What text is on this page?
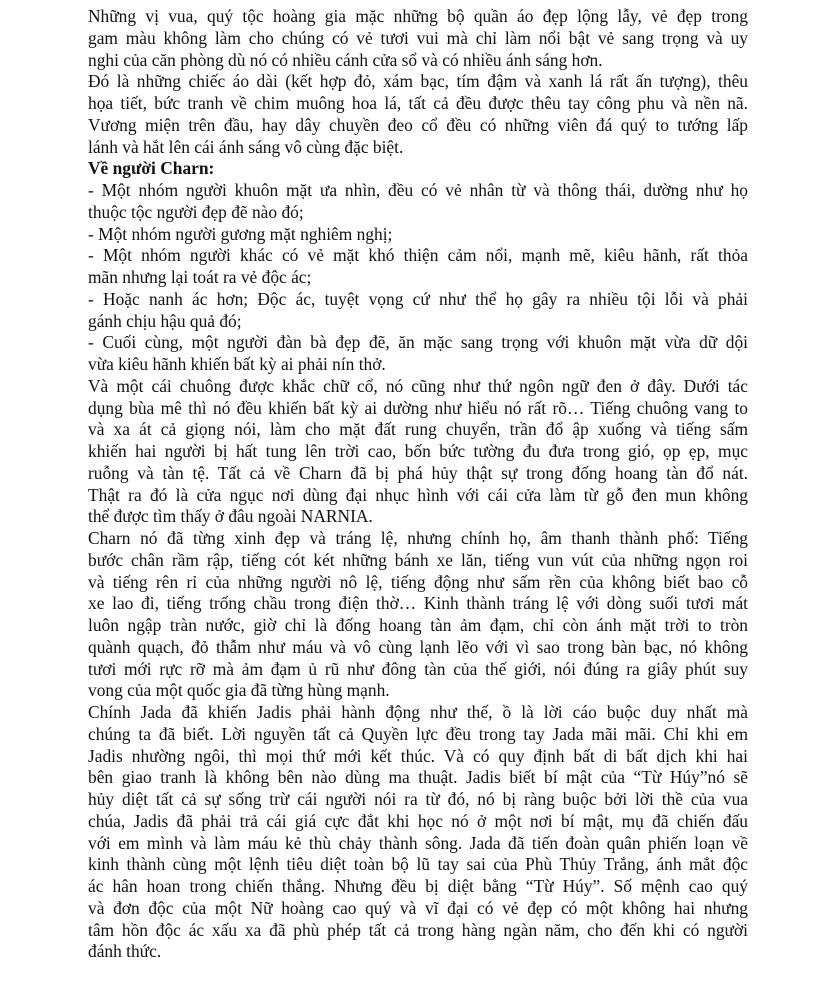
Những vị vua, quý tộc hoàng gia mặc những bộ quần áo đẹp lộng lẫy, vẻ đẹp trong
gam màu không làm cho chúng có vẻ tươi vui mà chỉ làm nổi bật vẻ sang trọng và uy
nghi của căn phòng dù nó có nhiều cánh cửa sổ và có nhiều ánh sáng hơn.
Đó là những chiếc áo dài (kết hợp đỏ, xám bạc, tím đậm và xanh lá rất ấn tượng), thêu
họa tiết, bức tranh về chim muông hoa lá, tất cả đều được thêu tay công phu và nền nã.
Vương miện trên đầu, hay dây chuyền đeo cổ đều có những viên đá quý to tướng lấp
lánh và hắt lên cái ánh sáng vô cùng đặc biệt.
Về người Charn:
- Một nhóm người khuôn mặt ưa nhìn, đều có vẻ nhân từ và thông thái, dường như họ
thuộc tộc người đẹp đẽ nào đó;
- Một nhóm người gương mặt nghiêm nghị;
- Một nhóm người khác có vẻ mặt khó thiện cảm nổi, mạnh mẽ, kiêu hãnh, rất thỏa
mãn nhưng lại toát ra vẻ độc ác;
- Hoặc nanh ác hơn; Độc ác, tuyệt vọng cứ như thể họ gây ra nhiều tội lỗi và phải
gánh chịu hậu quả đó;
- Cuối cùng, một người đàn bà đẹp đẽ, ăn mặc sang trọng với khuôn mặt vừa dữ dội
vừa kiêu hãnh khiến bất kỳ ai phải nín thở.
Và một cái chuông được khắc chữ cổ, nó cũng như thứ ngôn ngữ đen ở đây. Dưới tác
dụng bùa mê thì nó đều khiến bất kỳ ai dường như hiểu nó rất rõ… Tiếng chuông vang to
và xa át cả giọng nói, làm cho mặt đất rung chuyển, trần đổ ập xuống và tiếng sấm
khiến hai người bị hất tung lên trời cao, bốn bức tường đu đưa trong gió, ọp ẹp, mục
ruỗng và tàn tệ. Tất cả về Charn đã bị phá hủy thật sự trong đống hoang tàn đổ nát.
Thật ra đó là cửa ngục nơi dùng đại nhục hình với cái cửa làm từ gỗ đen mun không
thể được tìm thấy ở đâu ngoài NARNIA.
Charn nó đã từng xinh đẹp và tráng lệ, nhưng chính họ, âm thanh thành phố: Tiếng
bước chân rầm rập, tiếng cót két những bánh xe lăn, tiếng vun vút của những ngọn roi
và tiếng rên rỉ của những người nô lệ, tiếng động như sấm rền của không biết bao cỗ
xe lao đi, tiếng trống chầu trong điện thờ… Kinh thành tráng lệ với dòng suối tươi mát
luôn ngập tràn nước, giờ chỉ là đống hoang tàn ảm đạm, chỉ còn ánh mặt trời to tròn
quành quạch, đỏ thẫm như máu và vô cùng lạnh lẽo với vì sao trong bàn bạc, nó không
tươi mới rực rỡ mà ảm đạm ủ rũ như đông tàn của thế giới, nói đúng ra giây phút suy
vong của một quốc gia đã từng hùng mạnh.
Chính Jada đã khiến Jadis phải hành động như thế, ồ là lời cáo buộc duy nhất mà
chúng ta đã biết. Lời nguyền tất cả Quyền lực đều trong tay Jada mãi mãi. Chỉ khi em
Jadis nhường ngôi, thì mọi thứ mới kết thúc. Và có quy định bất di bất dịch khi hai
bên giao tranh là không bên nào dùng ma thuật. Jadis biết bí mật của “Từ Húy”nó sẽ
hủy diệt tất cả sự sống trừ cái người nói ra từ đó, nó bị ràng buộc bởi lời thề của vua
chúa, Jadis đã phải trả cái giá cực đắt khi học nó ở một nơi bí mật, mụ đã chiến đấu
với em mình và làm máu kẻ thù chảy thành sông. Jada đã tiến đoàn quân phiến loạn về
kinh thành cùng một lệnh tiêu diệt toàn bộ lũ tay sai của Phù Thủy Trắng, ánh mắt độc
ác hân hoan trong chiến thắng. Nhưng đều bị diệt bằng “Từ Húy”. Số mệnh cao quý
và đơn độc của một Nữ hoàng cao quý và vĩ đại có vẻ đẹp có một không hai nhưng
tâm hồn độc ác xấu xa đã phù phép tất cả trong hàng ngàn năm, cho đến khi có người
đánh thức.
